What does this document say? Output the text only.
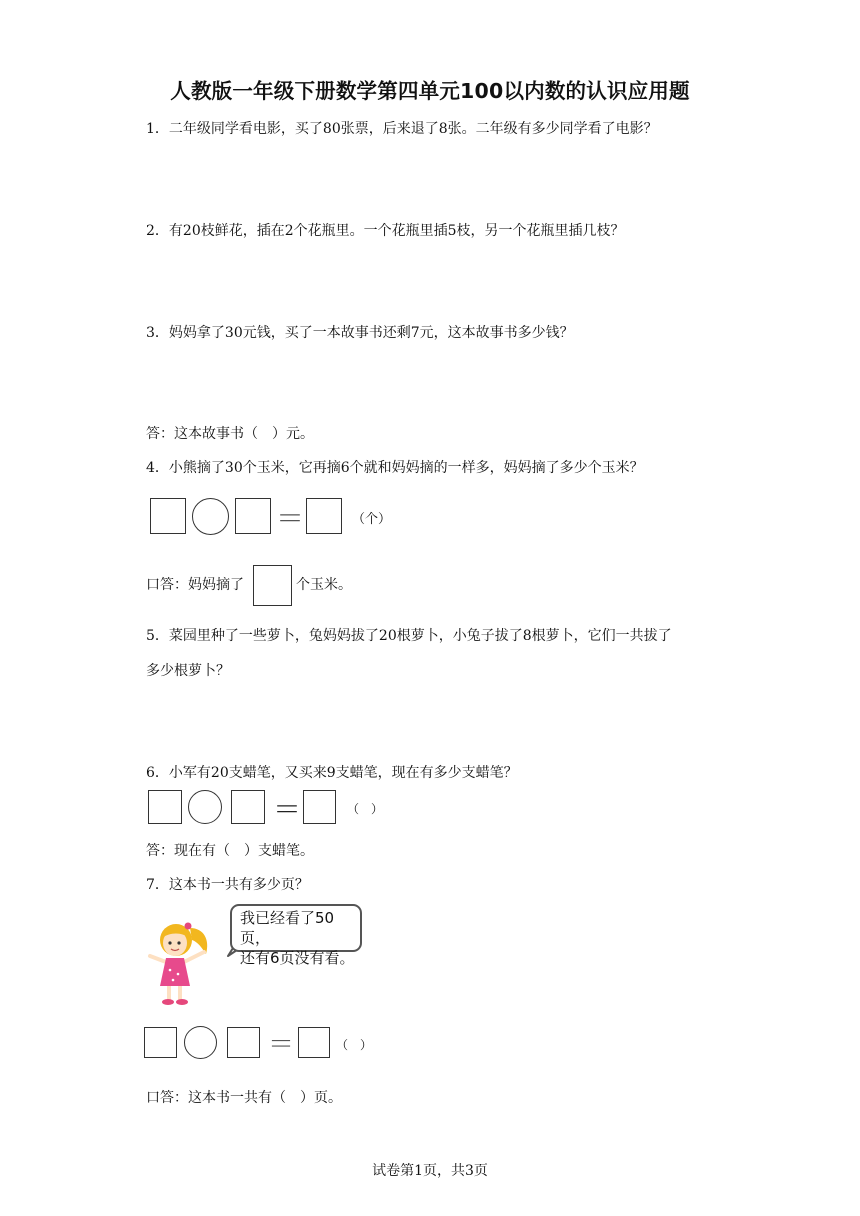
人教版一年级下册数学第四单元100以内数的认识应用题
1．二年级同学看电影，买了80张票，后来退了8张。二年级有多少同学看了电影？
2．有20枝鲜花，插在2个花瓶里。一个花瓶里插5枝，另一个花瓶里插几枝？
3．妈妈拿了30元钱，买了一本故事书还剩7元，这本故事书多少钱？
答：这本故事书（　）元。
4．小熊摘了30个玉米，它再摘6个就和妈妈摘的一样多，妈妈摘了多少个玉米？
＝	（个）
口答：妈妈摘了	个玉米。
5．菜园里种了一些萝卜，兔妈妈拔了20根萝卜，小兔子拔了8根萝卜，它们一共拔了
多少根萝卜？
6．小军有20支蜡笔，又买来9支蜡笔，现在有多少支蜡笔？
＝	（　）
答：现在有（　）支蜡笔。
7．这本书一共有多少页？
我已经看了50页，
还有6页没有看。
＝	（　）
口答：这本书一共有（　）页。
试卷第1页，共3页
